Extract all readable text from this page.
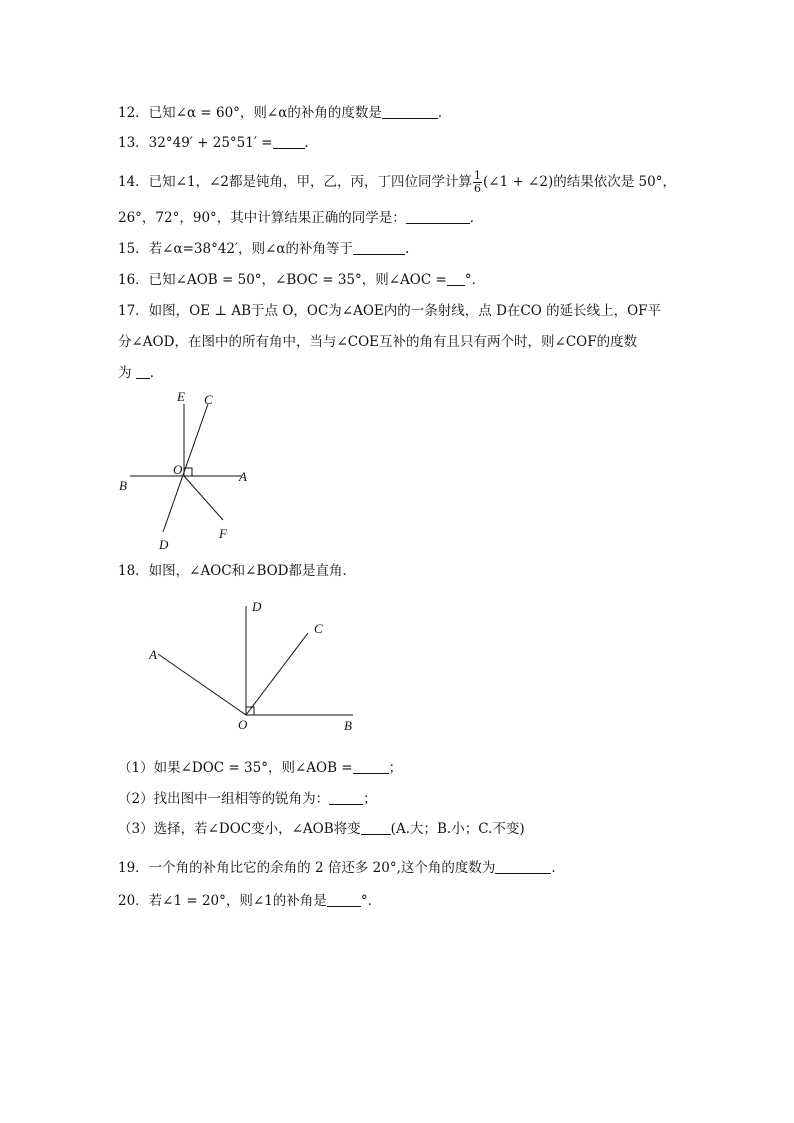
12．已知∠α = 60°，则∠α的补角的度数是	．
13．32°49′ + 25°51′ = ．
14．已知∠1，∠2都是钝角，甲，乙，丙，丁四位同学计算 $\frac{1}{6}$ (∠1 + ∠2)的结果依次是 50°，
26°，72°，90°，其中计算结果正确的同学是：	．
15．若∠α=38°42′，则∠α的补角等于	.
16．已知∠AOB = 50°，∠BOC = 35°，则∠AOC = °．
17．如图，OE ⊥ AB于点 O，OC为∠AOE内的一条射线，点 D在CO 的延长线上，OF平
分∠AOD，在图中的所有角中，当与∠COE互补的角有且只有两个时，则∠COF的度数
为 ．
E C
O	A
B
D
F
18．如图，∠AOC和∠BOD都是直角．
D
C
A
O	B
（1）如果∠DOC = 35°，则∠AOB =	；
（2）找出图中一组相等的锐角为：	；
（3）选择，若∠DOC变小，∠AOB将变 (A.大；B.小；C.不变)
19．一个角的补角比它的余角的 2 倍还多 20°,这个角的度数为	.
20．若∠1 = 20°，则∠1的补角是	°．
